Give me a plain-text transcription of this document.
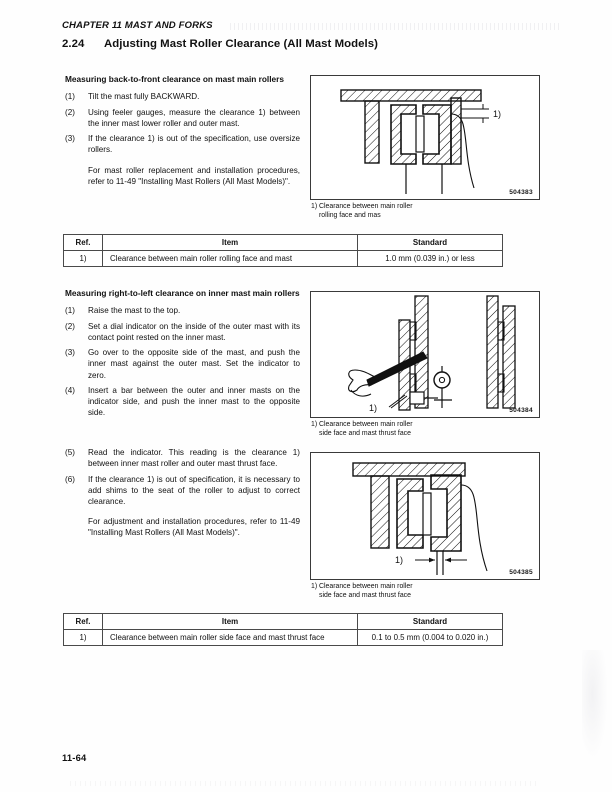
CHAPTER 11 MAST AND FORKS
2.24 Adjusting Mast Roller Clearance (All Mast Models)
Measuring back-to-front clearance on mast main rollers
(1) Tilt the mast fully BACKWARD.
(2) Using feeler gauges, measure the clearance 1) between the inner mast lower roller and outer mast.
(3) If the clearance 1) is out of the specification, use oversize rollers.
For mast roller replacement and installation procedures, refer to 11-49 "Installing Mast Rollers (All Mast Models)".
1)
504383
1) Clearance between main roller
rolling face and mas
Ref.	Item	Standard
1)	Clearance between main roller rolling face and mast	1.0 mm (0.039 in.) or less
Measuring right-to-left clearance on inner mast main rollers
(1) Raise the mast to the top.
(2) Set a dial indicator on the inside of the outer mast with its contact point rested on the inner mast.
(3) Go over to the opposite side of the mast, and push the inner mast against the outer mast. Set the indicator to zero.
(4) Insert a bar between the outer and inner masts on the indicator side, and push the inner mast to the opposite side.	1)	504384
1) Clearance between main roller
side face and mast thrust face
(5) Read the indicator. This reading is the clearance 1) between inner mast roller and outer mast thrust face.
(6) If the clearance 1) is out of specification, it is necessary to add shims to the seat of the roller to adjust to correct clearance.
For adjustment and installation procedures, refer to 11-49 "Installing Mast Rollers (All Mast Models)".
1)
504385
1) Clearance between main roller
side face and mast thrust face
Ref.	Item	Standard
1)	Clearance between main roller side face and mast thrust face	0.1 to 0.5 mm (0.004 to 0.020 in.)
11-64
